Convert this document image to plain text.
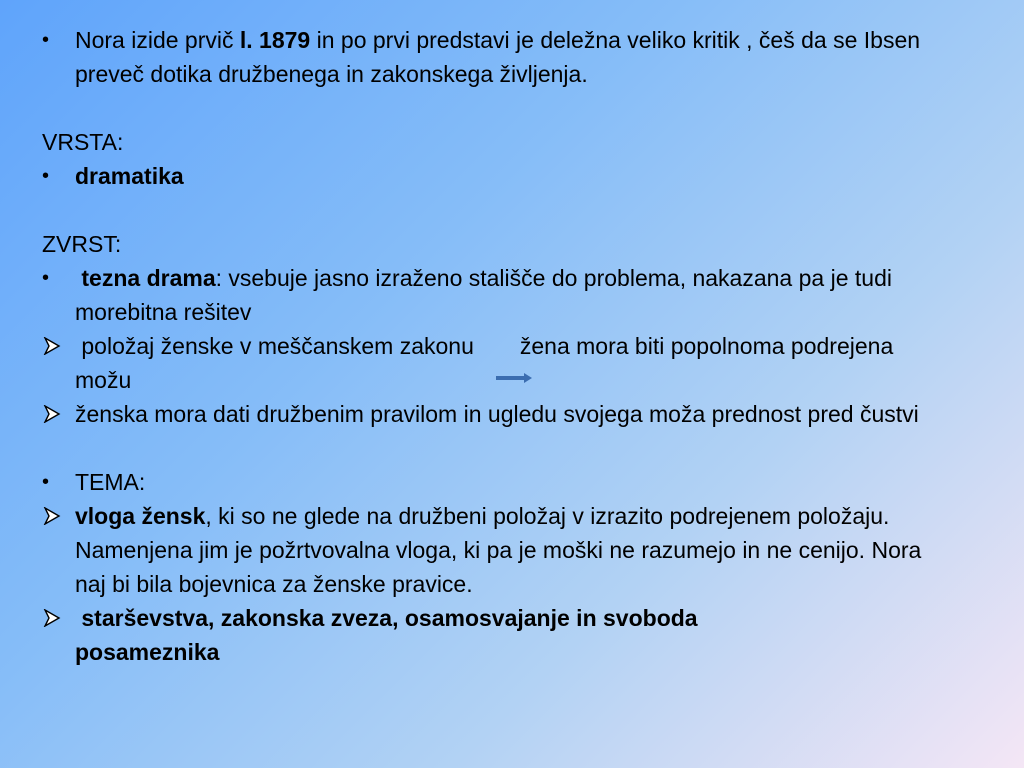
•	Nora izide prvič l. 1879 in po prvi predstavi je deležna veliko kritik , češ da se Ibsen preveč dotika družbenega in zakonskega življenja.
VRSTA:
•	dramatika
ZVRST:
•	tezna drama: vsebuje jasno izraženo stališče do problema, nakazana pa je tudi morebitna rešitev
položaj ženske v meščanskem zakonu žena mora biti popolnoma podrejena možu
ženska mora dati družbenim pravilom in ugledu svojega moža prednost pred čustvi
•	TEMA:
vloga žensk, ki so ne glede na družbeni položaj v izrazito podrejenem položaju. Namenjena jim je požrtvovalna vloga, ki pa je moški ne razumejo in ne cenijo. Nora naj bi bila bojevnica za ženske pravice.
starševstva, zakonska zveza, osamosvajanje in svoboda posameznika
